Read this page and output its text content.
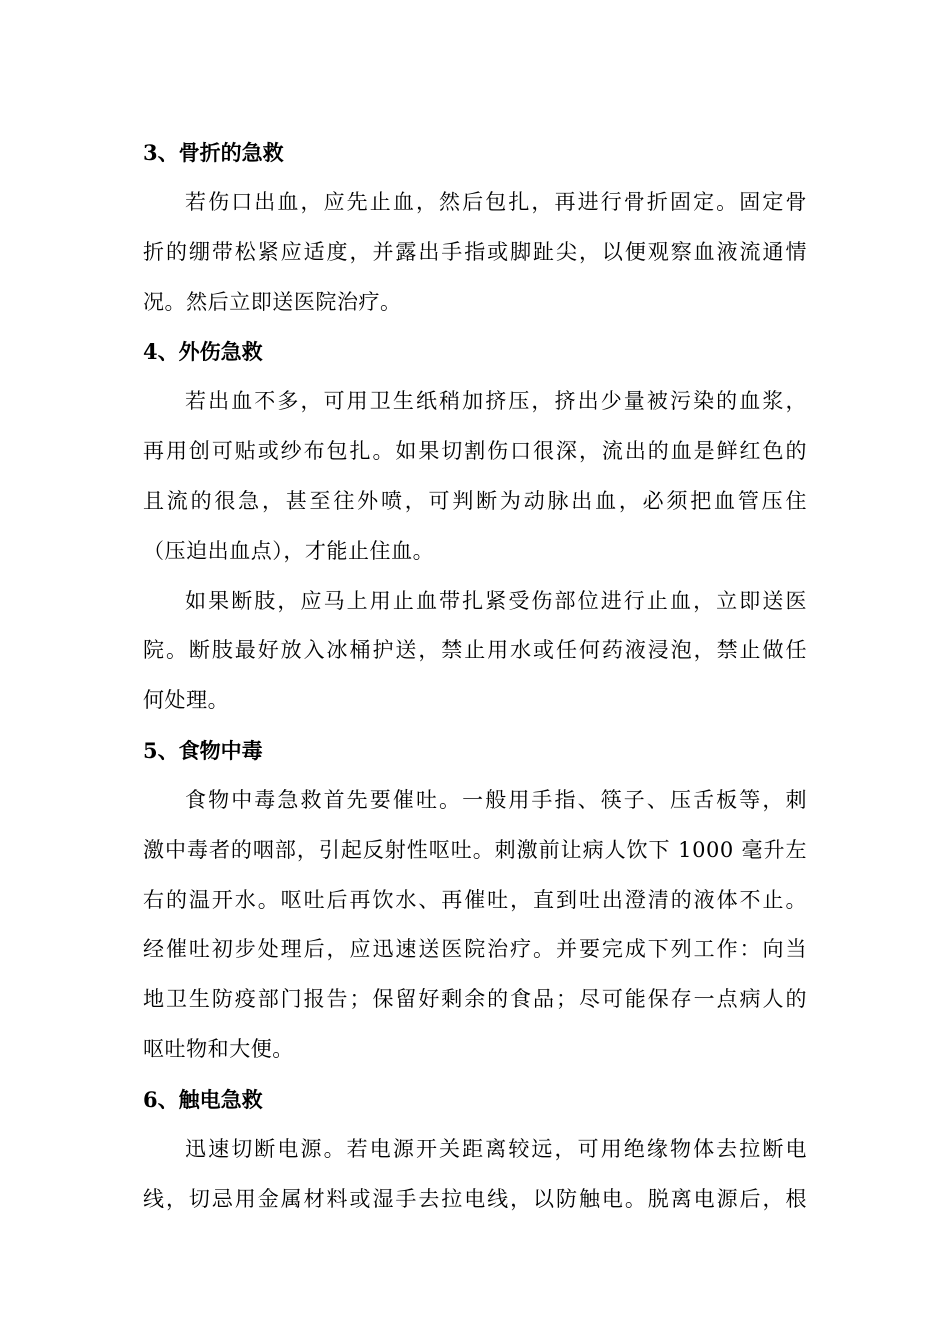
3、骨折的急救

若伤口出血，应先止血，然后包扎，再进行骨折固定。固定骨
折的绷带松紧应适度，并露出手指或脚趾尖，以便观察血液流通情
况。然后立即送医院治疗。

4、外伤急救

若出血不多，可用卫生纸稍加挤压，挤出少量被污染的血浆，
再用创可贴或纱布包扎。如果切割伤口很深，流出的血是鲜红色的
且流的很急，甚至往外喷，可判断为动脉出血，必须把血管压住
（压迫出血点），才能止住血。

如果断肢，应马上用止血带扎紧受伤部位进行止血，立即送医
院。断肢最好放入冰桶护送，禁止用水或任何药液浸泡，禁止做任
何处理。

5、食物中毒

食物中毒急救首先要催吐。一般用手指、筷子、压舌板等，刺
激中毒者的咽部，引起反射性呕吐。刺激前让病人饮下 1000 毫升左
右的温开水。呕吐后再饮水、再催吐，直到吐出澄清的液体不止。
经催吐初步处理后，应迅速送医院治疗。并要完成下列工作：向当
地卫生防疫部门报告；保留好剩余的食品；尽可能保存一点病人的
呕吐物和大便。

6、触电急救

迅速切断电源。若电源开关距离较远，可用绝缘物体去拉断电
线，切忌用金属材料或湿手去拉电线，以防触电。脱离电源后，根
